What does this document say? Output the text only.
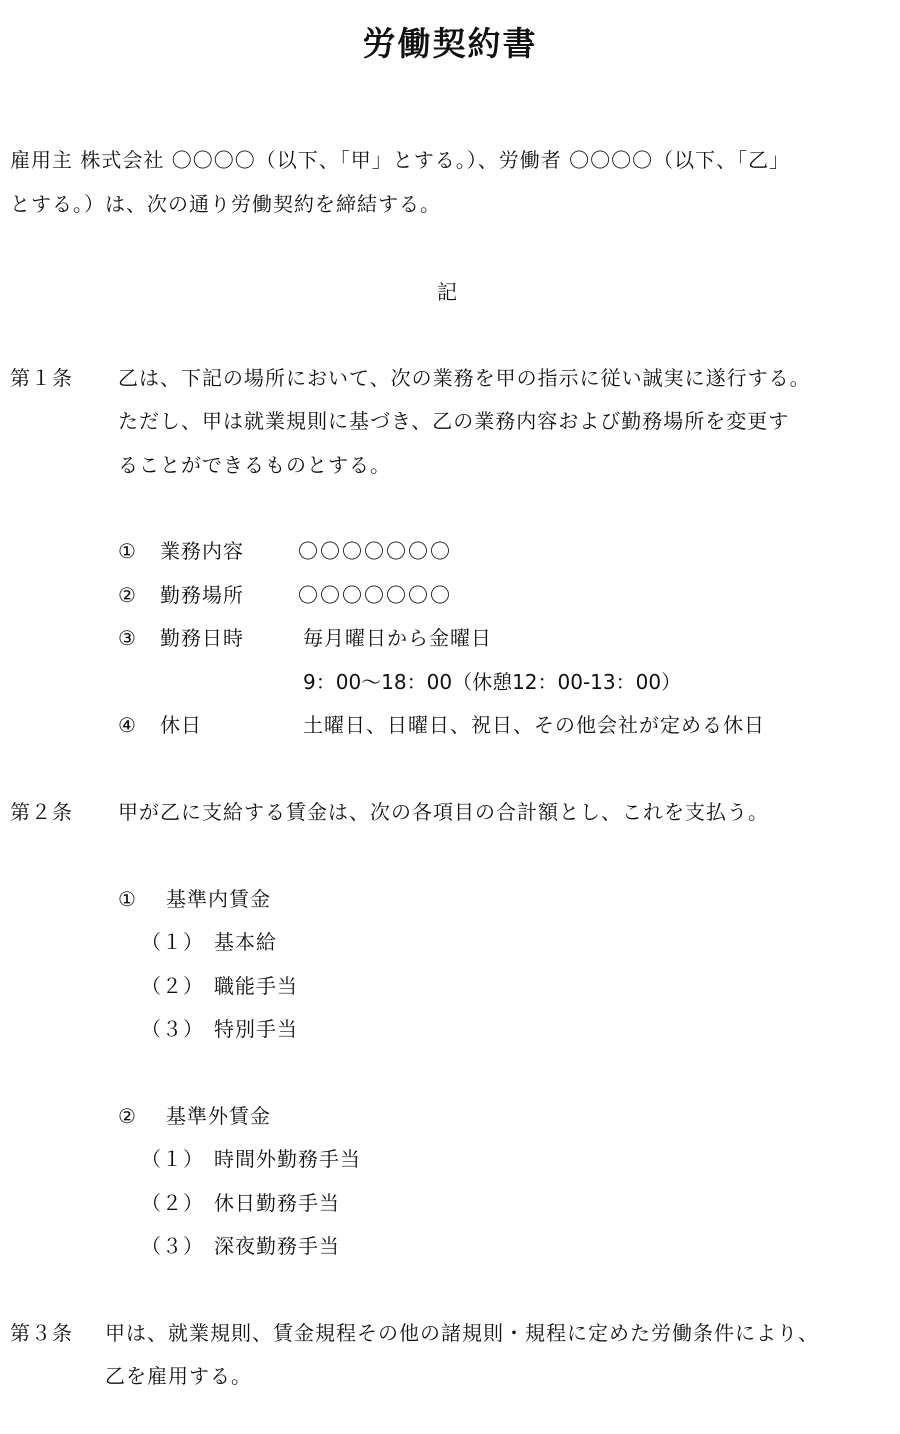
労働契約書
雇用主 株式会社 〇〇〇〇（以下、「甲」とする。）、労働者 〇〇〇〇（以下、「乙」
とする。）は、次の通り労働契約を締結する。
記
第１条 乙は、下記の場所において、次の業務を甲の指示に従い誠実に遂行する。
ただし、甲は就業規則に基づき、乙の業務内容および勤務場所を変更す
ることができるものとする。
① 業務内容	〇〇〇〇〇〇〇
② 勤務場所	〇〇〇〇〇〇〇
③ 勤務日時	毎月曜日から金曜日
9：00〜18：00（休憩12：00-13：00）
④ 休日	土曜日、日曜日、祝日、その他会社が定める休日
第２条 甲が乙に支給する賃金は、次の各項目の合計額とし、これを支払う。
① 基準内賃金
（１） 基本給
（２） 職能手当
（３） 特別手当
② 基準外賃金
（１） 時間外勤務手当
（２） 休日勤務手当
（３） 深夜勤務手当
第３条 甲は、就業規則、賃金規程その他の諸規則・規程に定めた労働条件により、
乙を雇用する。
